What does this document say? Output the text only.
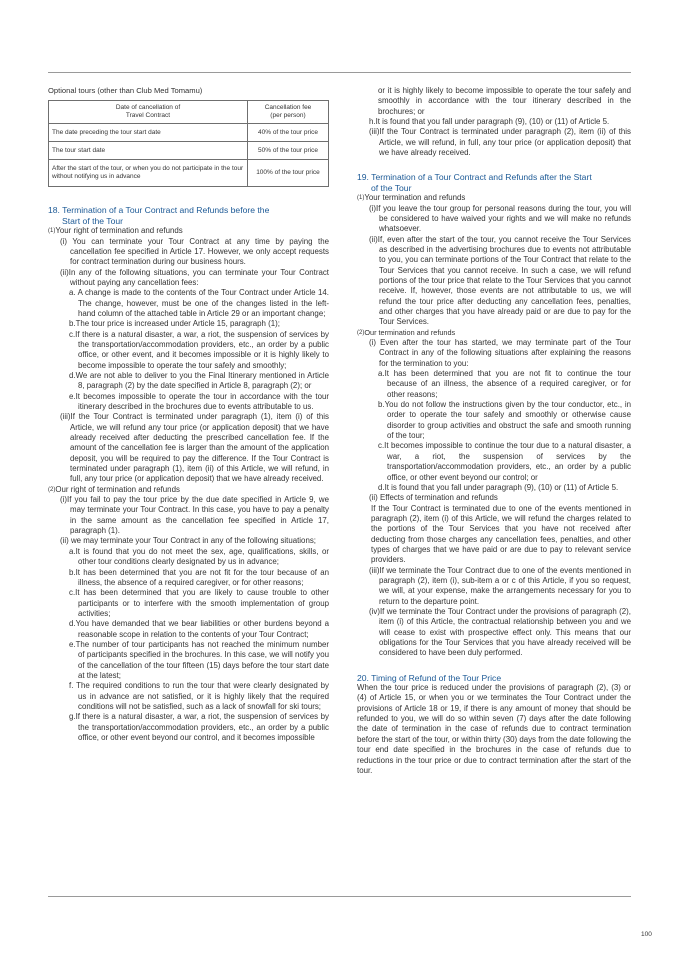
Optional tours (other than Club Med Tomamu)
Date of cancellation of
Travel Contract	Cancellation fee
(per person)

The date preceding the tour start date	40% of the tour price
The tour start date	50% of the tour price
After the start of the tour, or when you do not participate in the tour without notifying us in advance	100% of the tour price
18. Termination of a Tour Contract and Refunds before the
Start of the Tour
(1)Your right of termination and refunds

(i) You can terminate your Tour Contract at any time by paying the cancellation fee specified in Article 17. However, we only accept requests for contract termination during our business hours.

(ii)In any of the following situations, you can terminate your Tour Contract without paying any cancellation fees:

a. A change is made to the contents of the Tour Contract under Article 14. The change, however, must be one of the changes listed in the left-hand column of the attached table in Article 29 or an important change;

b.The tour price is increased under Article 15, paragraph (1);

c.If there is a natural disaster, a war, a riot, the suspension of services by the transportation/accommodation providers, etc., an order by a public office, or other event, and it becomes impossible or it is highly likely to become impossible to operate the tour safely and smoothly;

d.We are not able to deliver to you the Final Itinerary mentioned in Article 8, paragraph (2) by the date specified in Article 8, paragraph (2); or

e.It becomes impossible to operate the tour in accordance with the tour itinerary described in the brochures due to events attributable to us.

(iii)If the Tour Contract is terminated under paragraph (1), item (i) of this Article, we will refund any tour price (or application deposit) that we have already received after deducting the prescribed cancellation fee. If the amount of the cancellation fee is larger than the amount of the application deposit, you will be required to pay the difference. If the Tour Contract is terminated under paragraph (1), item (ii) of this Article, we will refund, in full, any tour price (or application deposit) that we have already received.

(2)Our right of termination and refunds

(i)If you fail to pay the tour price by the due date specified in Article 9, we may terminate your Tour Contract. In this case, you have to pay a penalty in the same amount as the cancellation fee specified in Article 17, paragraph (1).

(ii) we may terminate your Tour Contract in any of the following situations;

a.It is found that you do not meet the sex, age, qualifications, skills, or other tour conditions clearly designated by us in advance;

b.It has been determined that you are not fit for the tour because of an illness, the absence of a required caregiver, or for other reasons;

c.It has been determined that you are likely to cause trouble to other participants or to interfere with the smooth implementation of group activities;

d.You have demanded that we bear liabilities or other burdens beyond a reasonable scope in relation to the contents of your Tour Contract;

e.The number of tour participants has not reached the minimum number of participants specified in the brochures. In this case, we will notify you of the cancellation of the tour fifteen (15) days before the tour start date at the latest;

f. The required conditions to run the tour that were clearly designated by us in advance are not satisfied, or it is highly likely that the required conditions will not be satisfied, such as a lack of snowfall for ski tours;

g.If there is a natural disaster, a war, a riot, the suspension of services by the transportation/accommodation providers, etc., an order by a public office, or other event beyond our control, and it becomes impossible

or it is highly likely to become impossible to operate the tour safely and smoothly in accordance with the tour itinerary described in the brochures; or

h.It is found that you fall under paragraph (9), (10) or (11) of Article 5.

(iii)If the Tour Contract is terminated under paragraph (2), item (ii) of this Article, we will refund, in full, any tour price (or application deposit) that we have already received.

19. Termination of a Tour Contract and Refunds after the Start
of the Tour
(1)Your termination and refunds

(i)If you leave the tour group for personal reasons during the tour, you will be considered to have waived your rights and we will make no refunds whatsoever.

(ii)If, even after the start of the tour, you cannot receive the Tour Services as described in the advertising brochures due to events not attributable to you, you can terminate portions of the Tour Contract that relate to the Tour Services that you cannot receive. In such a case, we will refund portions of the tour price that relate to the Tour Services that you cannot receive. If, however, those events are not attributable to us, we will refund the tour price after deducting any cancellation fees, penalties, and other charges that you have already paid or are due to pay for the Tour Services.

(2)Our termination and refunds

(i) Even after the tour has started, we may terminate part of the Tour Contract in any of the following situations after explaining the reasons for the termination to you:

a.It has been determined that you are not fit to continue the tour because of an illness, the absence of a required caregiver, or for other reasons;

b.You do not follow the instructions given by the tour conductor, etc., in order to operate the tour safely and smoothly or otherwise cause disorder to group activities and obstruct the safe and smooth running of the tour;

c.It becomes impossible to continue the tour due to a natural disaster, a war, a riot, the suspension of services by the transportation/accommodation providers, etc., an order by a public office, or other event beyond our control; or

d.It is found that you fall under paragraph (9), (10) or (11) of Article 5.

(ii) Effects of termination and refunds

If the Tour Contract is terminated due to one of the events mentioned in paragraph (2), item (i) of this Article, we will refund the charges related to the portions of the Tour Services that you have not received after deducting from those charges any cancellation fees, penalties, and other types of charges that we have paid or are due to pay to relevant service providers.

(iii)If we terminate the Tour Contract due to one of the events mentioned in paragraph (2), item (i), sub-item a or c of this Article, if you so request, we will, at your expense, make the arrangements necessary for you to return to the departure point.

(iv)If we terminate the Tour Contract under the provisions of paragraph (2), item (i) of this Article, the contractual relationship between you and we will cease to exist with prospective effect only. This means that our obligations for the Tour Services that you have already received will be considered to have been duly performed.

20. Timing of Refund of the Tour Price

When the tour price is reduced under the provisions of paragraph (2), (3) or (4) of Article 15, or when you or we terminates the Tour Contract under the provisions of Article 18 or 19, if there is any amount of money that should be refunded to you, we will do so within seven (7) days after the date following the date of termination in the case of refunds due to contract termination before the start of the tour, or within thirty (30) days from the date following the tour end date specified in the brochures in the case of refunds due to reductions in the tour price or due to contract termination after the start of the tour.

100
